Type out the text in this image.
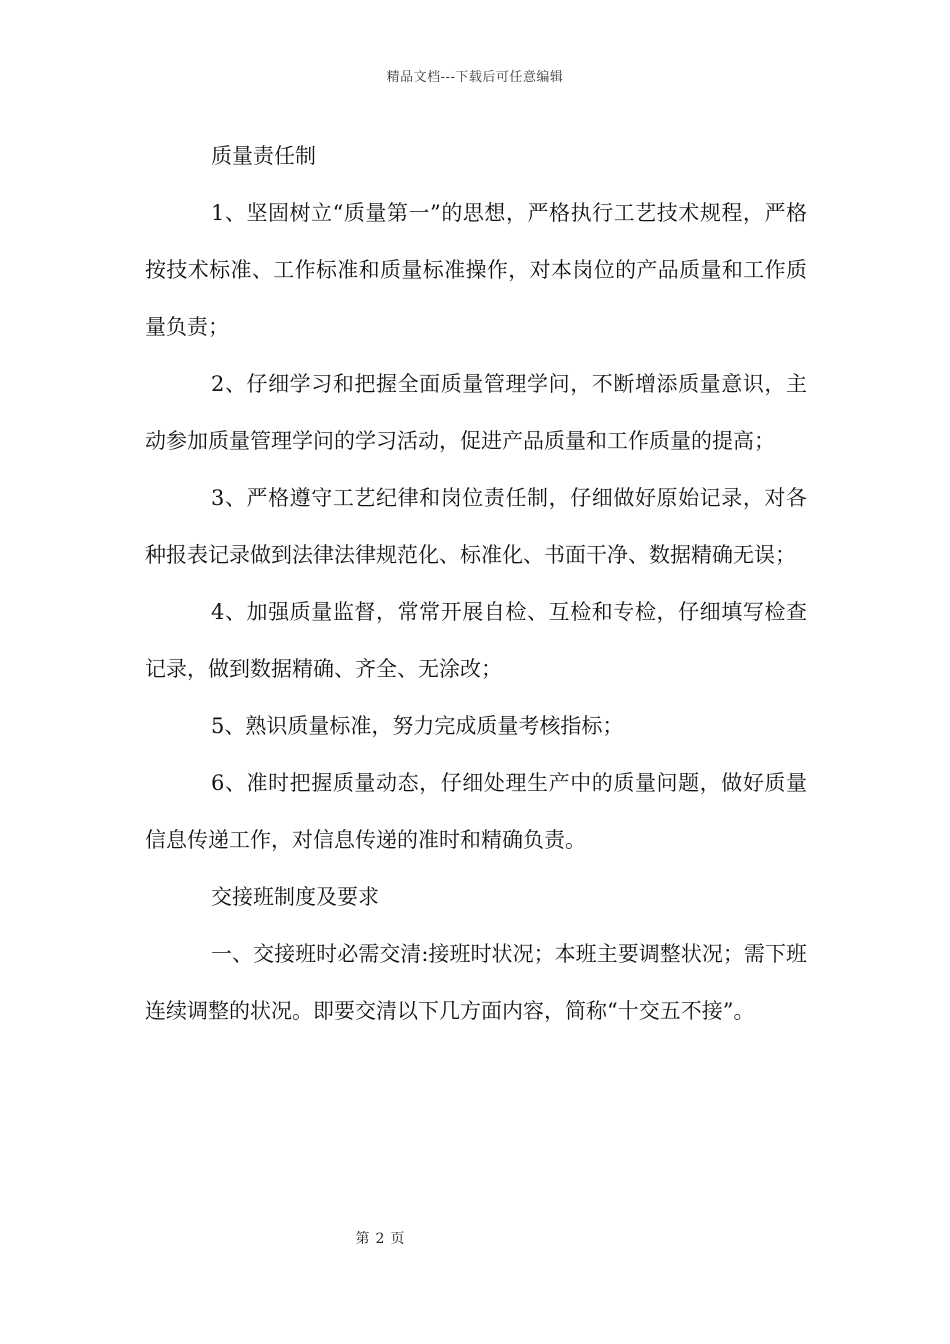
精品文档---下载后可任意编辑

质量责任制

1、坚固树立“质量第一”的思想，严格执行工艺技术规程，严格按技术标准、工作标准和质量标准操作，对本岗位的产品质量和工作质量负责；

2、仔细学习和把握全面质量管理学问，不断增添质量意识，主动参加质量管理学问的学习活动，促进产品质量和工作质量的提高；

3、严格遵守工艺纪律和岗位责任制，仔细做好原始记录，对各种报表记录做到法律法律规范化、标准化、书面干净、数据精确无误；

4、加强质量监督，常常开展自检、互检和专检，仔细填写检查记录，做到数据精确、齐全、无涂改；

5、熟识质量标准，努力完成质量考核指标；

6、准时把握质量动态，仔细处理生产中的质量问题，做好质量信息传递工作，对信息传递的准时和精确负责。

交接班制度及要求

一、交接班时必需交清:接班时状况；本班主要调整状况；需下班连续调整的状况。即要交清以下几方面内容，简称“十交五不接”。

第 2 页
